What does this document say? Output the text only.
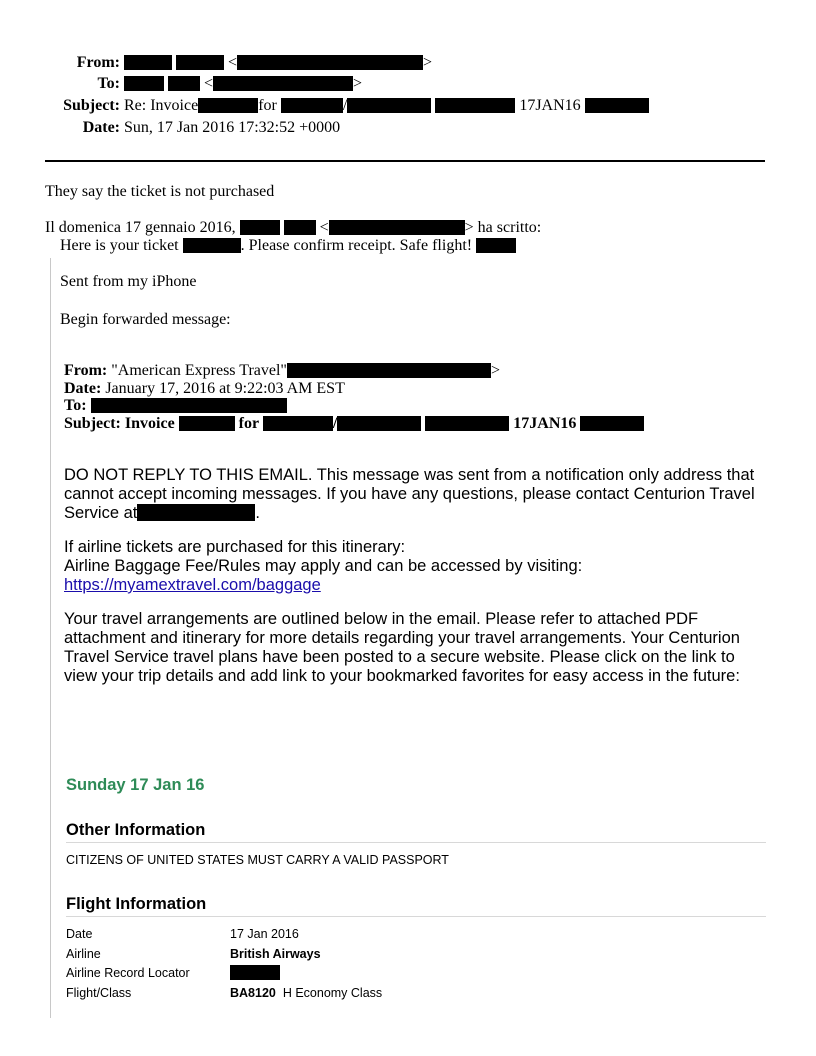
From:	<	>
To:	<	>
Subject: Re: Invoice	for	/	17JAN16
Date: Sun, 17 Jan 2016 17:32:52 +0000
They say the ticket is not purchased
Il domenica 17 gennaio 2016,	<	> ha scritto:
Here is your ticket	. Please confirm receipt. Safe flight!
Sent from my iPhone
Begin forwarded message:
From: "American Express Travel"	>
Date: January 17, 2016 at 9:22:03 AM EST
To:
Subject: Invoice	for	/	17JAN16
DO NOT REPLY TO THIS EMAIL. This message was sent from a notification only address that cannot accept incoming messages. If you have any questions, please contact Centurion Travel Service at	.
If airline tickets are purchased for this itinerary:
Airline Baggage Fee/Rules may apply and can be accessed by visiting:
https://myamextravel.com/baggage
Your travel arrangements are outlined below in the email. Please refer to attached PDF attachment and itinerary for more details regarding your travel arrangements. Your Centurion Travel Service travel plans have been posted to a secure website. Please click on the link to view your trip details and add link to your bookmarked favorites for easy access in the future:
Sunday 17 Jan 16
Other Information
CITIZENS OF UNITED STATES MUST CARRY A VALID PASSPORT
Flight Information
Date	17 Jan 2016
Airline	British Airways
Airline Record Locator
Flight/Class	BA8120 H Economy Class
